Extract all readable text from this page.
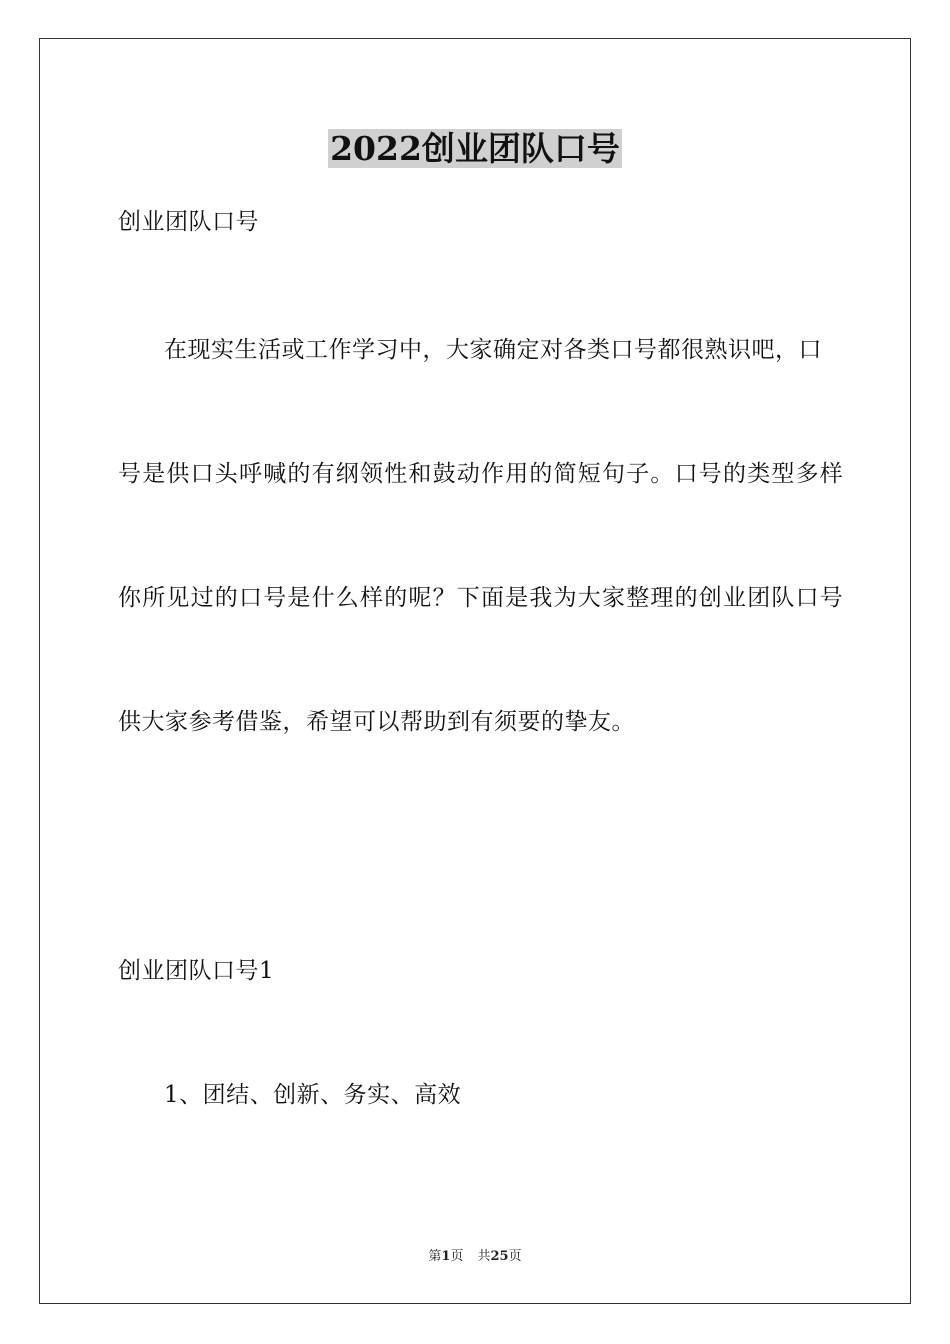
2022创业团队口号
创业团队口号
在现实生活或工作学习中，大家确定对各类口号都很熟识吧，口
号是供口头呼喊的有纲领性和鼓动作用的简短句子。口号的类型多样
你所见过的口号是什么样的呢？下面是我为大家整理的创业团队口号
供大家参考借鉴，希望可以帮助到有须要的挚友。
创业团队口号1
1、团结、创新、务实、高效
第1页 共25页
